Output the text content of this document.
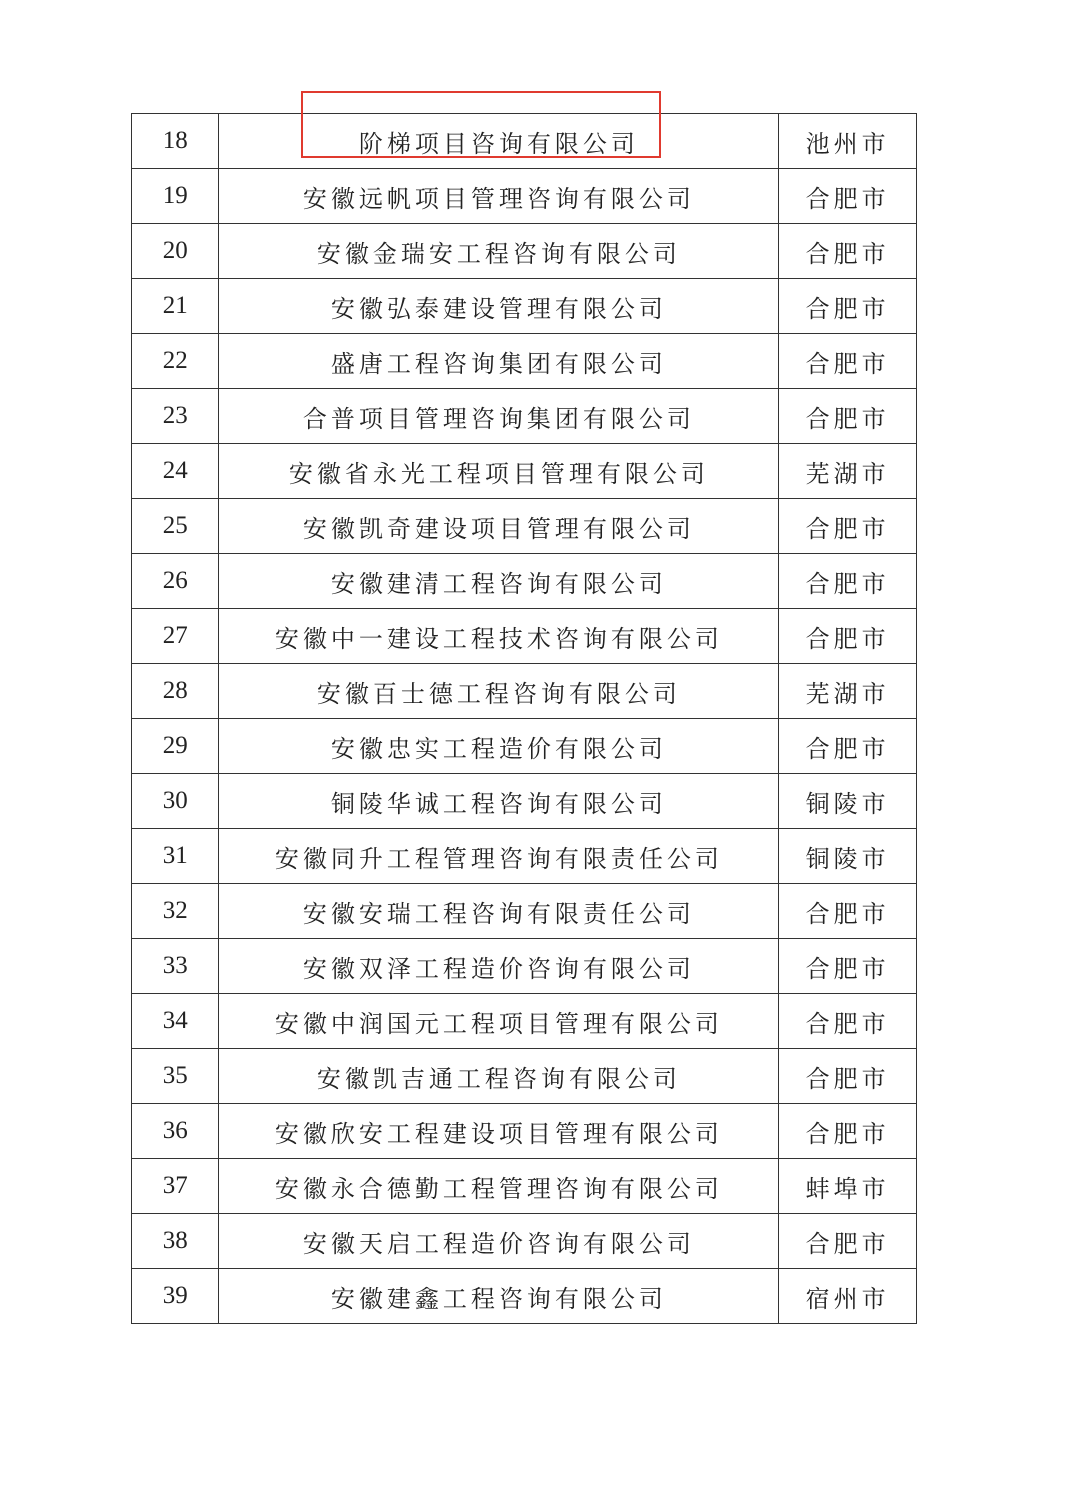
18	阶梯项目咨询有限公司	池州市
19	安徽远帆项目管理咨询有限公司	合肥市
20	安徽金瑞安工程咨询有限公司	合肥市
21	安徽弘泰建设管理有限公司	合肥市
22	盛唐工程咨询集团有限公司	合肥市
23	合普项目管理咨询集团有限公司	合肥市
24	安徽省永光工程项目管理有限公司	芜湖市
25	安徽凯奇建设项目管理有限公司	合肥市
26	安徽建清工程咨询有限公司	合肥市
27	安徽中一建设工程技术咨询有限公司	合肥市
28	安徽百士德工程咨询有限公司	芜湖市
29	安徽忠实工程造价有限公司	合肥市
30	铜陵华诚工程咨询有限公司	铜陵市
31	安徽同升工程管理咨询有限责任公司	铜陵市
32	安徽安瑞工程咨询有限责任公司	合肥市
33	安徽双泽工程造价咨询有限公司	合肥市
34	安徽中润国元工程项目管理有限公司	合肥市
35	安徽凯吉通工程咨询有限公司	合肥市
36	安徽欣安工程建设项目管理有限公司	合肥市
37	安徽永合德勤工程管理咨询有限公司	蚌埠市
38	安徽天启工程造价咨询有限公司	合肥市
39	安徽建鑫工程咨询有限公司	宿州市
